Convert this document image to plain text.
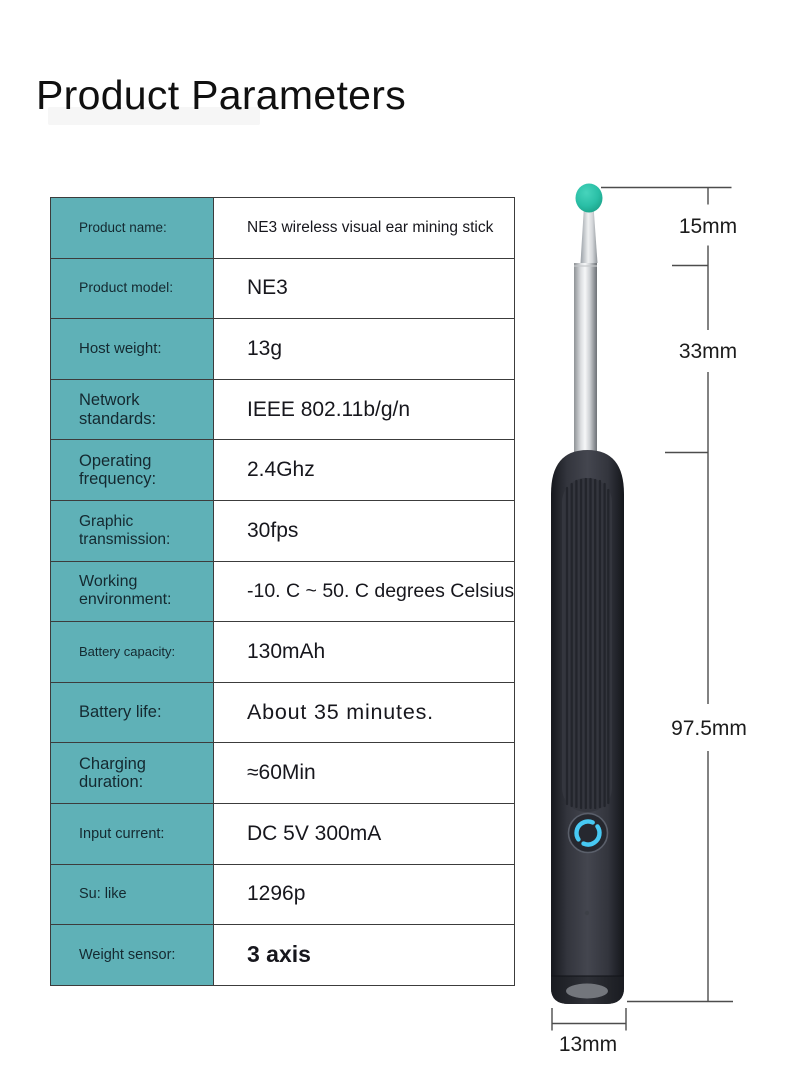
Product Parameters
Product name:	NE3 wireless visual ear mining stick
Product model:	NE3
Host weight:	13g
Network standards:	IEEE 802.11b/g/n
Operating frequency:	2.4Ghz
Graphic transmission:	30fps
Working environment:	-10. C ~ 50. C degrees Celsius
Battery capacity:	130mAh
Battery life:	About 35 minutes.
Charging duration:	≈60Min
Input current:	DC 5V 300mA
Su: like	1296p
Weight sensor:	3 axis
15mm
33mm
97.5mm
13mm
